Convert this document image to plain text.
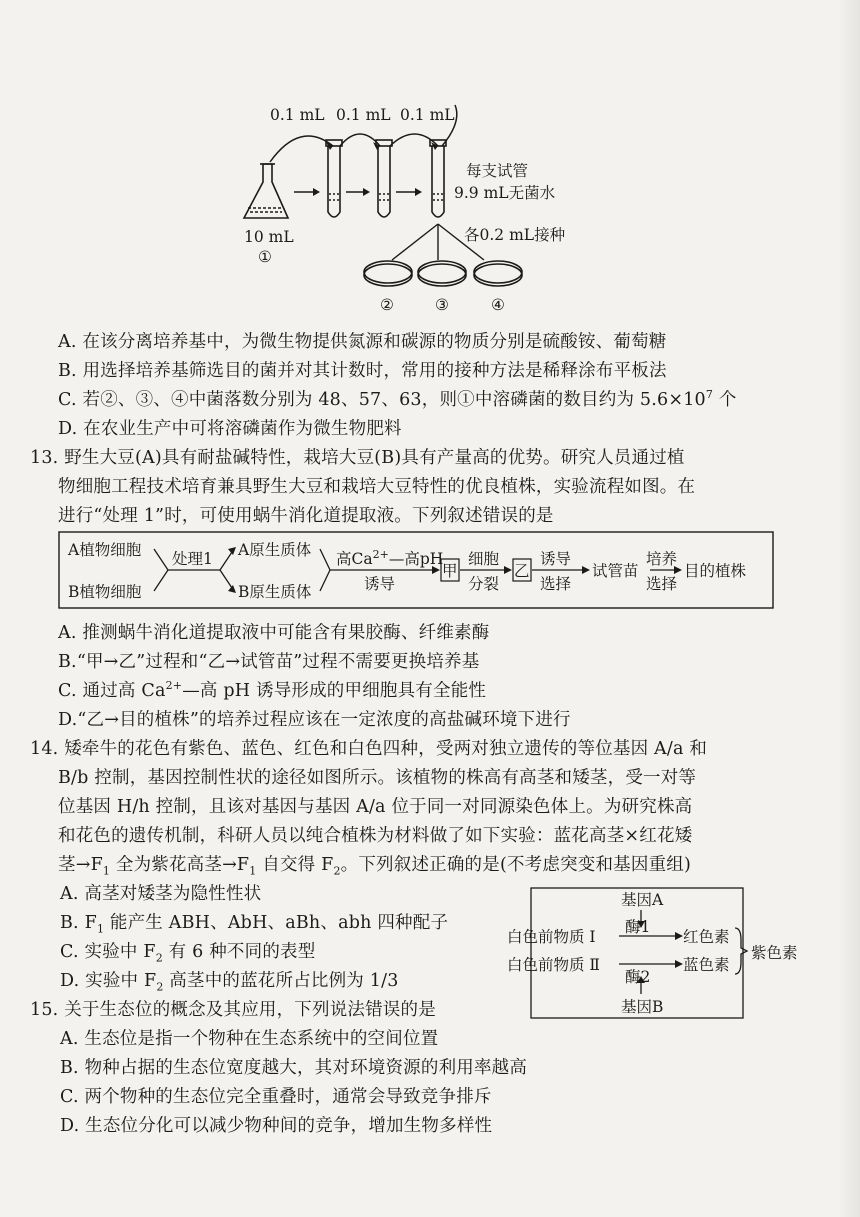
0.1 mL 0.1 mL 0.1 mL
10 mL
①
每支试管
9.9 mL无菌水
各0.2 mL接种
②	③	④
A. 在该分离培养基中，为微生物提供氮源和碳源的物质分别是硫酸铵、葡萄糖
B. 用选择培养基筛选目的菌并对其计数时，常用的接种方法是稀释涂布平板法
C. 若②、③、④中菌落数分别为 48、57、63，则①中溶磷菌的数目约为 $5.6\times 10^7$ 个
D. 在农业生产中可将溶磷菌作为微生物肥料
13. 野生大豆(A)具有耐盐碱特性，栽培大豆(B)具有产量高的优势。研究人员通过植
物细胞工程技术培育兼具野生大豆和栽培大豆特性的优良植株，实验流程如图。在
进行“处理 1”时，可使用蜗牛消化道提取液。下列叙述错误的是
A植物细胞
B植物细胞
处理1 A原生质体
B原生质体
高$Ca^{2+}—$高pH
诱导
甲
细胞
分裂
乙
诱导
选择
试管苗
培养
选择
目的植株
A. 推测蜗牛消化道提取液中可能含有果胶酶、纤维素酶
B.“甲→乙”过程和“乙→试管苗”过程不需要更换培养基
C. 通过高 $Ca^{2+}—$高 pH 诱导形成的甲细胞具有全能性
D.“乙→目的植株”的培养过程应该在一定浓度的高盐碱环境下进行
14. 矮牵牛的花色有紫色、蓝色、红色和白色四种，受两对独立遗传的等位基因 A/a 和
B/b 控制，基因控制性状的途径如图所示。该植物的株高有高茎和矮茎，受一对等
位基因 H/h 控制，且该对基因与基因 A/a 位于同一对同源染色体上。为研究株高
和花色的遗传机制，科研人员以纯合植株为材料做了如下实验：蓝花高茎×红花矮
茎$\to F_1$ 全为紫花高茎$\to F_1$ 自交得 $F_2$。下列叙述正确的是(不考虑突变和基因重组)
A. 高茎对矮茎为隐性性状
B. $F_1$ 能产生 ABH、AbH、aBh、abh 四种配子
C. 实验中 $F_2$ 有 6 种不同的表型
D. 实验中 $F_2$ 高茎中的蓝花所占比例为 1/3
基因A
基因B
白色前物质 Ⅰ
白色前物质 Ⅱ
酶1
酶2
红色素
蓝色素
紫色素
15. 关于生态位的概念及其应用，下列说法错误的是
A. 生态位是指一个物种在生态系统中的空间位置
B. 物种占据的生态位宽度越大，其对环境资源的利用率越高
C. 两个物种的生态位完全重叠时，通常会导致竞争排斥
D. 生态位分化可以减少物种间的竞争，增加生物多样性
